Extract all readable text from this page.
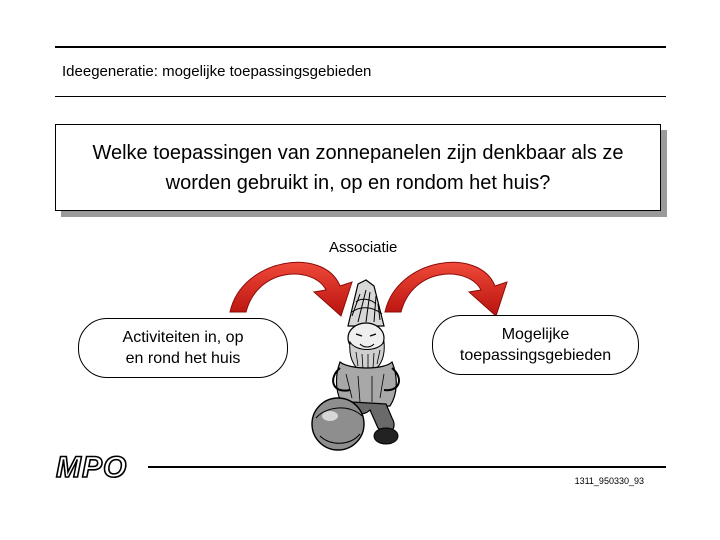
Ideegeneratie: mogelijke toepassingsgebieden
Welke toepassingen van zonnepanelen zijn denkbaar als ze
worden gebruikt in, op en rondom het huis?
Associatie
Activiteiten in, op
en rond het huis
Mogelijke
toepassingsgebieden
MPO	1311_950330_93
